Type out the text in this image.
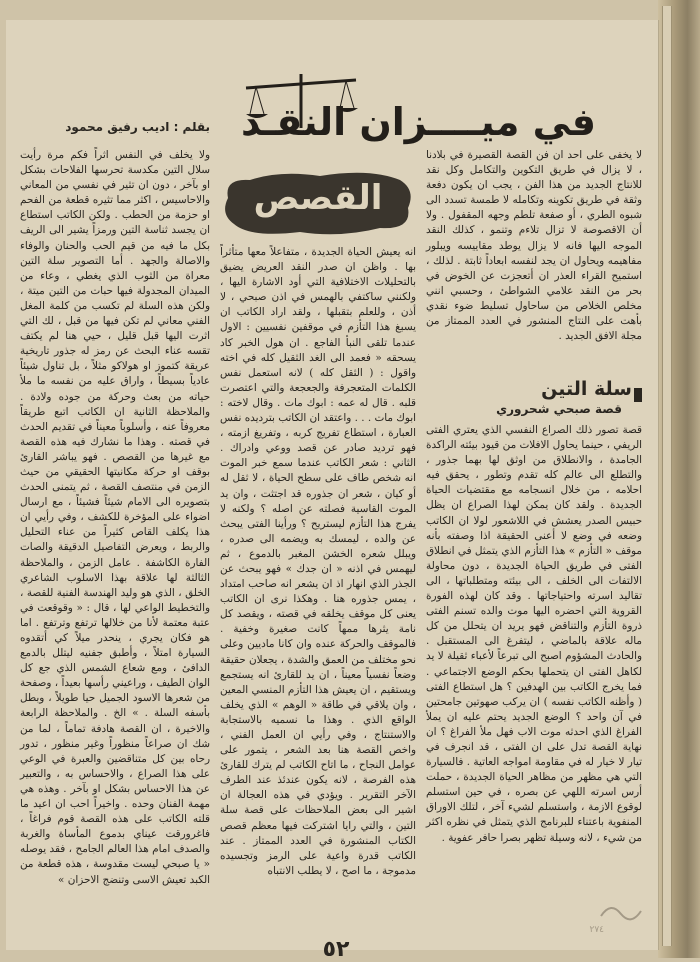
في ميــــزان النقـد
بقلم : اديب رفيق محمود
القصص

لا يخفى على احد ان فن القصة القصيرة في بلادنا ، لا يزال في طريق التكوين والتكامل وكل نقد للانتاج الجديد من هذا الفن ، يجب ان يكون دفعة وثقة في طريق تكوينه وتكامله لا طمسة تسدد الى شبوه الطري ، أو صفعة تلطم وجهه المقفول . ولا أن الاقصوصة لا تزال تلاءم وتنمو ، كذلك النقد الموجه اليها فانه لا يزال يوطد مقاييسه ويبلور مفاهيمه ويحاول ان يجد لنفسه ابعاداً ثابتة . لذلك ، استميح القراء العذر ان أتعجزت عن الخوض في بحر من النقد علامي الشواطئ ، وحسبي انني مخلص الخلاص من ساحاول تسليط ضوء نقدي بأهت على النتاج المنشور في العدد الممتاز من مجلة الافق الجديد .

سلة التين
قصة صبحي شحروري

قصة تصور ذلك الصراع النفسي الذي يعتري الفتى الريفي ، حينما يحاول الافلات من قيود بيئته الراكدة الجامدة ، والانطلاق من اوثق لها بهما جذور ، والتطلع الى عالم كله تقدم وتطور ، يحقق فيه احلامه ، من خلال انسجامه مع مقتضيات الحياة الجديدة . ولقد كان يمكن لهذا الصراع ان يظل حبيس الصدر يعشش في اللاشعور لولا ان الكاتب وضعه في وضع لا أعنى الحقيقة اذا وصفته بأنه موقف « التأزم » هذا التأزم الذي يتمثل في انطلاق الفتى في طريق الحياة الجديدة ، دون محاولة الالتفات الى الخلف ، الى بيئته ومتطلباتها ، الى تقاليد اسرته واحتياجاتها . وقد كان لهذه الفورة القروية التي احضره اليها موت والده تسنم الفتى ذروة التأزم والتناقض فهو يريد ان يتحلل من كل ماله علاقة بالماضي ، ليتفرغ الى المستقبل . والحادث المشؤوم اصبح الى تبرعاً لأعباء ثقيلة لا يد لكاهل الفتى ان يتحملها بحكم الوضع الاجتماعي . فما يخرج الكاتب بين الهدفين ؟ هل استطاع الفتى ( وأظنه الكاتب نفسه ) ان يركب صهوتين جامحتين في آن واحد ؟ الوضع الجديد يحتم عليه ان يملأ الفراغ الذي احدثه موت الاب فهل ملأ الفراغ ؟ ان نهاية القصة تدل على ان الفتى ، قد انجرف في تيار لا خيار له في مقاومة امواجه العاتية . فالسيارة التي هي مظهر من مظاهر الحياة الجديدة ، حملت أرس اسرته اللهي عن بصره ، في حين استسلم لوقوع الازمة ، واستسلم لشيء آخر ، لتلك الاوراق المنفوية باعتناء للبرنامج الذي يتمثل في نظره اكثر من شيء ، لانه وسيلة تظهر بصرا حافر عفوية .

انه يعيش الحياة الجديدة ، متفاعلاً معها متأثراً بها . واظن ان صدر النقد العريض يضيق بالتحليلات الاختلافية التي أود الاشارة اليها ، ولكنني ساكتفي بالهمس في اذن صبحي ، لا أذن ، وللعلم بتقبلها ، ولقد اراد الكاتب ان يسبغ هذا التأزم في موقفين نفسيين : الاول عندما تلقى النبأ الفاجع . ان هول الخبر كاد يسحقه « فعمد الى الغد الثقيل كله في اخته واقول : ( الثقل كله ) لانه استعمل نفس الكلمات المتعجرفة والجعجعة والتي اعتصرت قلبه . قال له عمه : ابوك مات . وقال لاخته : ابوك مات . . . واعتقد ان الكاتب بترديده نفس العبارة ، استطاع تفريج كربه ، وتفريغ ازمته ، فهو ترديد صادر عن قصد ووعي وادراك . الثاني : شعر الكاتب عندما سمع خبر الموت انه شخص طاف على سطح الحياة ، لا ثقل له أو كيان ، شعر ان جذوره قد اجتثت ، وان يد الموت القاسية فصلته عن اصله ؟ ولكنه لا يفرج هذا التأزم ليستريح ؟ ورأينا الفتى يبحث عن والده ، ليمسك به ويضمه الى صدره ، ويبلل شعره الخشن المغبر بالدموع ، ثم ليهمس في اذنه « ان جدك » فهو يبحث عن الجذر الذي انهار اذ ان يشعر انه صاحب امتداد ، يمس جذوره هنا . وهكذا نرى ان الكاتب يعنى كل موقف يخلقه في قصته ، ويقصد كل نامة يثرها ممهاً كانت صغيرة وخفية . فالموقف والحركة عنده وان كانا ماديين وعلى نحو مختلف من العمق والشدة ، يجعلان حقيقة وضعاً نفسياً معيناً ، ان يد للقارئ انه يستجمع ويستقيم ، ان يعيش هذا التأزم المنسي المعين ، وان يلاقي في طاقة « الوهم » الذي يخلف الواقع الذي . وهذا ما نسميه بالاستجابة والاستنتاج ، وفي رأيي ان العمل الفني ، واخص القصة هنا بعد الشعر ، يتمور على عوامل النجاح ، ما اتاح الكاتب لم يترك للقارئ هذه الفرصة ، لانه يكون عندئذ عند الطرف الآخر التقرير . ويؤدي في هذه العجالة ان اشير الى بعض الملاحظات على قصة سلة التين ، والتي رايا اشتركت فيها معظم قصص الكتاب المنشورة في العدد الممتاز . عند الكاتب قدرة واعية على الرمز وتجسيده مدموجة ، ما اصح ، لا يطلب الانتباه

ولا يخلف في النفس اثراً فكم مرة رأيت سلال التين مكدسة تحرسها الفلاحات بشكل او بآخر ، دون ان تثير في نفسي من المعاني والاحاسيس ، اكثر مما تثيره قطعة من الفحم او حزمة من الحطب . ولكن الكاتب استطاع ان يجسد ثناسة التين ورمزاً يشير الى الريف بكل ما فيه من قيم الحب والحنان والوفاء والاصالة والجهد . أما التصوير سلة التين معراة من الثوب الذي يغطي ، وعاء من الميدان المجدولة فيها حبات من التين ميتة ، ولكن هذه السلة لم تكسب من كلمة المغل الفني معاني لم تكن فيها من قبل ، لك التي اثرت اليها قبل قليل ، حيي هنا لم يكتف تقسه عناء البحث عن رمز له جذور تاريخية عريقة كتموز او هولاكو مثلاً ، بل تناول شيئاً عادياً بسيطاً ، واراق عليه من نفسه ما ملأ حياته من بعث وحركة من جوده ولادة . والملاحظة الثانية ان الكاتب اتبع طريقاً معروفاً عنه ، وأسلوباً معيناً في تقديم الحدث في قصته . وهذا ما نشارك فيه هذه القصة مع غيرها من القصص . فهو يباشر القارئ بوقف او حركة مكانيتها الحقيقي من حيث الزمن في منتصف القصة ، ثم يتمنى الحدث بتصويره الى الامام شيئاً فشيئاً ، مع ارسال اضواء على المؤخرة للكشف ، وفي رأيي ان هذا يكلف القاص كثيراً من عناء التحليل والربط ، ويعرض التفاصيل الدقيقة والصات الفارة الكاشفة . عامل الزمن ، والملاحظة الثالثة لها علاقة بهذا الاسلوب الشاعري الخلق ، الذي هو وليد الهندسة الفنية للقصة ، والتخطيط الواعي لها ، قال : « وقوقعت في عتبة معتمة لأنا من خلالها ترتفع وترتفع . اما هو فكان يجري ، ينحدر ميلاً كي أتقدوه السيارة امتلاً ، وأطبق جفنيه ليتلل بالدمع الدافئ ، ومع شعاع الشمس الذي جع كل الوان الطيف ، وراعيني رأسها بعيداً ، وصفحة من شعرها الاسود الجميل حيا طويلاً ، وبطل بأسفه السلة . » الخ . والملاحظة الرابعة والاخيرة ، ان القصة هادفة تماماً ، لما من شك ان صراعاً منظوراً وغير منظور ، تدور رحاه بين كل متناقضين والعبرة في الوعي على هذا الصراع ، والاحساس به ، والتعبير عن هذا الاحساس بشكل او بآخر . وهذه هي مهمة الفنان وحده . واخيراً احب ان اعيد ما قلته الكاتب على هذه القصة قوم فراغاً ، فاغرورقت عيناي بدموع المأساة والغربة والصدف امام هذا العالم الجامح ، فقد يوصله « يا صبحي ليست مقدوسة ، هذه قطعة من الكبد تعيش الاسى وتنضج الاحزان »

٥٢
٢٧٤
